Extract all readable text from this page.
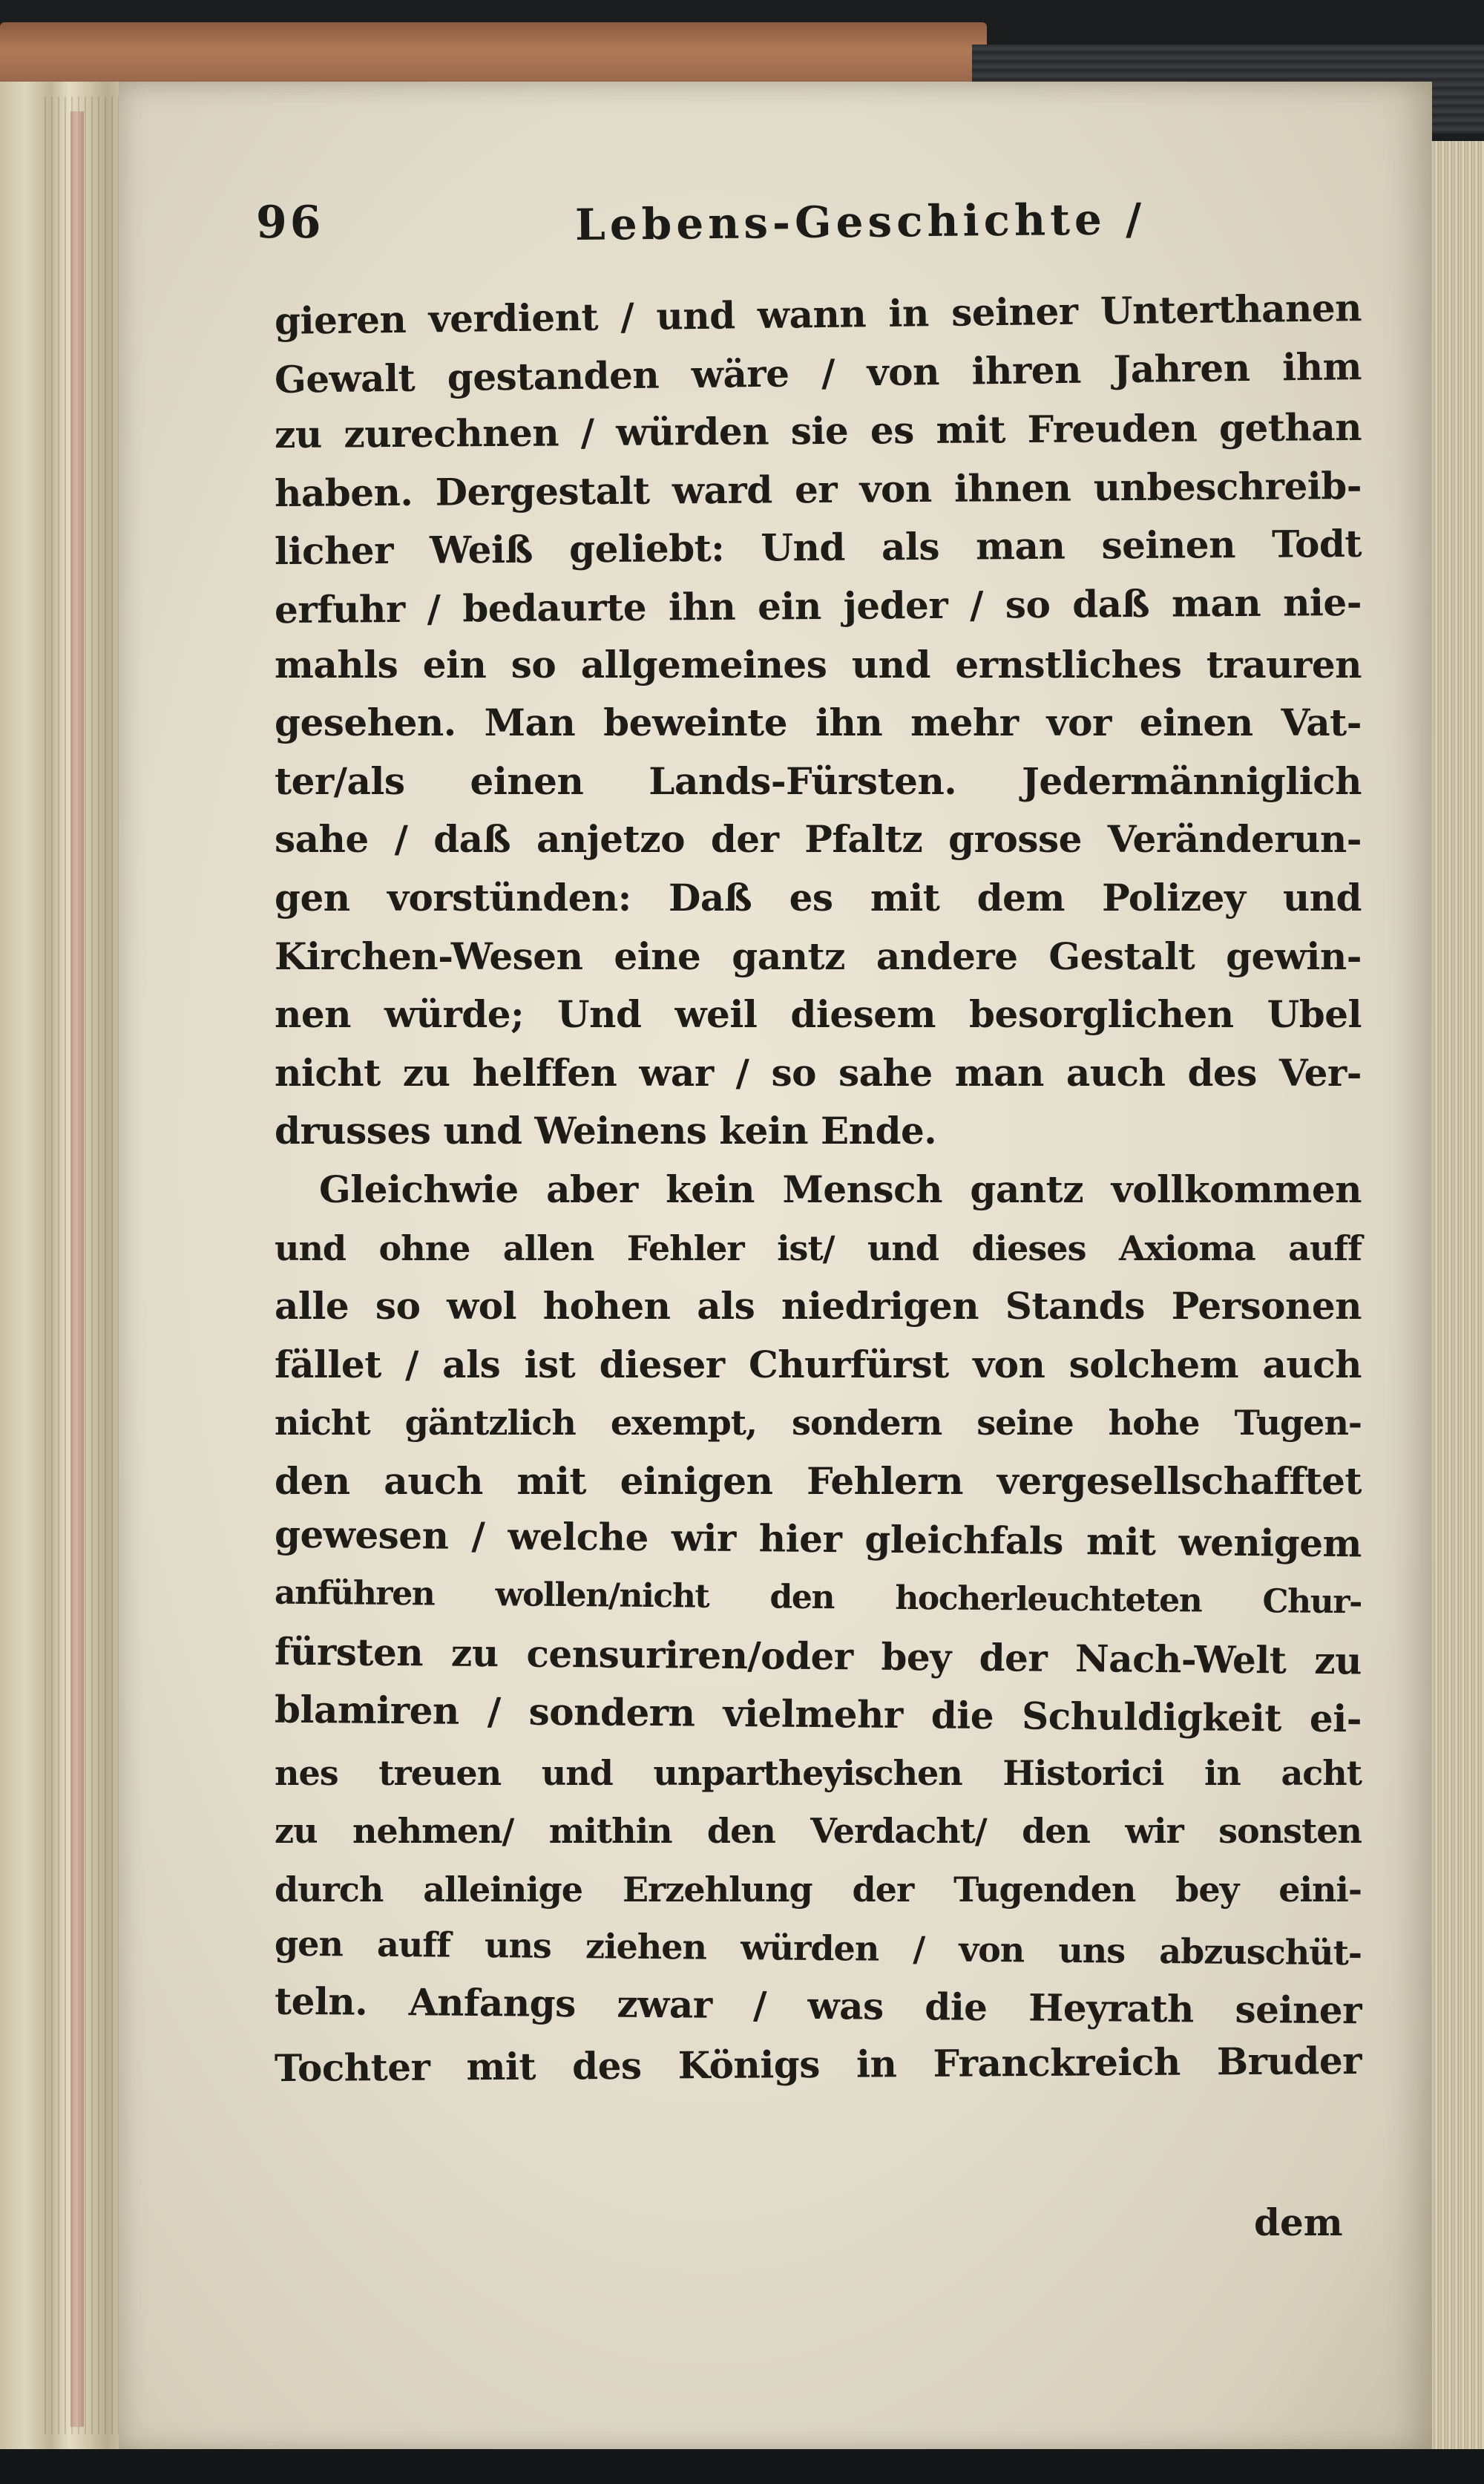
96	Lebens-Geschichte /
gieren verdient / und wann in seiner Unterthanen
Gewalt gestanden wäre / von ihren Jahren ihm
zu zurechnen / würden sie es mit Freuden gethan
haben. Dergestalt ward er von ihnen unbeschreib-
licher Weiß geliebt: Und als man seinen Todt
erfuhr / bedaurte ihn ein jeder / so daß man nie-
mahls ein so allgemeines und ernstliches trauren
gesehen. Man beweinte ihn mehr vor einen Vat-
ter/als einen Lands-Fürsten. Jedermänniglich
sahe / daß anjetzo der Pfaltz grosse Veränderun-
gen vorstünden: Daß es mit dem Polizey und
Kirchen-Wesen eine gantz andere Gestalt gewin-
nen würde; Und weil diesem besorglichen Ubel
nicht zu helffen war / so sahe man auch des Ver-
drusses und Weinens kein Ende.
Gleichwie aber kein Mensch gantz vollkommen
und ohne allen Fehler ist/ und dieses Axioma auff
alle so wol hohen als niedrigen Stands Personen
fället / als ist dieser Churfürst von solchem auch
nicht gäntzlich exempt, sondern seine hohe Tugen-
den auch mit einigen Fehlern vergesellschafftet
gewesen / welche wir hier gleichfals mit wenigem
anführen wollen/nicht den hocherleuchteten Chur-
fürsten zu censuriren/oder bey der Nach-Welt zu
blamiren / sondern vielmehr die Schuldigkeit ei-
nes treuen und unpartheyischen Historici in acht
zu nehmen/ mithin den Verdacht/ den wir sonsten
durch alleinige Erzehlung der Tugenden bey eini-
gen auff uns ziehen würden / von uns abzuschüt-
teln. Anfangs zwar / was die Heyrath seiner
Tochter mit des Königs in Franckreich Bruder
dem
